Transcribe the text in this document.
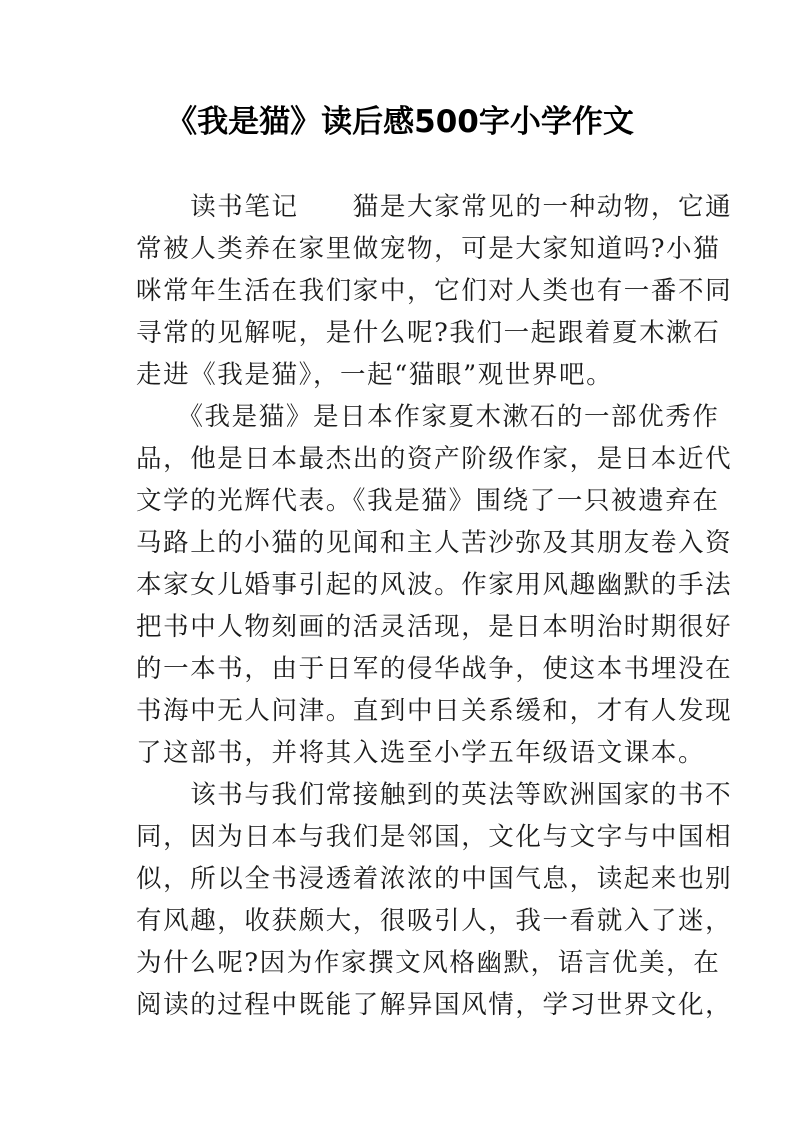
《我是猫》读后感500字小学作文
　　读书笔记　　猫是大家常见的一种动物，它通
常被人类养在家里做宠物，可是大家知道吗?小猫
咪常年生活在我们家中，它们对人类也有一番不同
寻常的见解呢，是什么呢?我们一起跟着夏木漱石
走进《我是猫》，一起“猫眼”观世界吧。
　　《我是猫》是日本作家夏木漱石的一部优秀作
品，他是日本最杰出的资产阶级作家，是日本近代
文学的光辉代表。《我是猫》围绕了一只被遗弃在
马路上的小猫的见闻和主人苦沙弥及其朋友卷入资
本家女儿婚事引起的风波。作家用风趣幽默的手法
把书中人物刻画的活灵活现，是日本明治时期很好
的一本书，由于日军的侵华战争，使这本书埋没在
书海中无人问津。直到中日关系缓和，才有人发现
了这部书，并将其入选至小学五年级语文课本。
　　该书与我们常接触到的英法等欧洲国家的书不
同，因为日本与我们是邻国，文化与文字与中国相
似，所以全书浸透着浓浓的中国气息，读起来也别
有风趣，收获颇大，很吸引人，我一看就入了迷，
为什么呢?因为作家撰文风格幽默，语言优美，在
阅读的过程中既能了解异国风情，学习世界文化，
